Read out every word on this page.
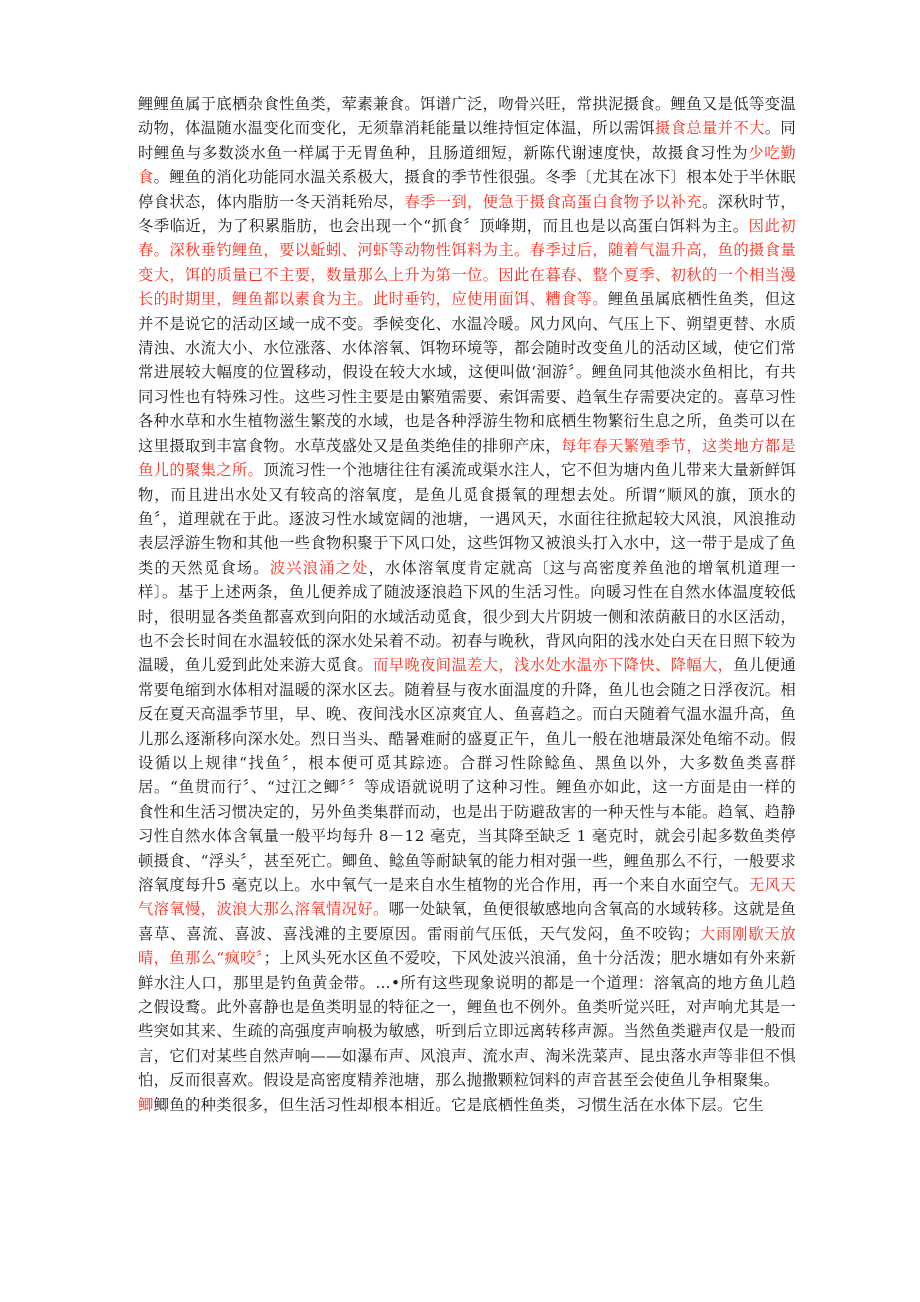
鲤鲤鱼属于底栖杂食性鱼类，荤素兼食。饵谱广泛，吻骨兴旺，常拱泥摄食。鲤鱼又是低等变温动物，体温随水温变化而变化，无须靠消耗能量以维持恒定体温，所以需饵摄食总量并不大。同时鲤鱼与多数淡水鱼一样属于无胃鱼种，且肠道细短，新陈代谢速度快，故摄食习性为少吃勤食。鲤鱼的消化功能同水温关系极大，摄食的季节性很强。冬季〔尤其在冰下〕根本处于半休眠停食状态，体内脂肪一冬天消耗殆尽，春季一到，便急于摄食高蛋白食物予以补充。深秋时节，冬季临近，为了积累脂肪，也会出现一个“抓食〞顶峰期，而且也是以高蛋白饵料为主。因此初春。深秋垂钓鲤鱼，要以蚯蚓、河虾等动物性饵料为主。春季过后，随着气温升高，鱼的摄食量变大，饵的质量已不主要，数量那么上升为第一位。因此在暮春、整个夏季、初秋的一个相当漫长的时期里，鲤鱼都以素食为主。此时垂钓，应使用面饵、糟食等。鲤鱼虽属底栖性鱼类，但这并不是说它的活动区域一成不变。季候变化、水温冷暖。风力风向、气压上下、朔望更替、水质清浊、水流大小、水位涨落、水体溶氧、饵物环境等，都会随时改变鱼儿的活动区域，使它们常常进展较大幅度的位置移动，假设在较大水域，这便叫做‘洄游〞。鲤鱼同其他淡水鱼相比，有共同习性也有特殊习性。这些习性主要是由繁殖需要、索饵需要、趋氧生存需要决定的。喜草习性各种水草和水生植物滋生繁茂的水域，也是各种浮游生物和底栖生物繁衍生息之所，鱼类可以在这里摄取到丰富食物。水草茂盛处又是鱼类绝佳的排卵产床，每年春天繁殖季节，这类地方都是鱼儿的聚集之所。顶流习性一个池塘往往有溪流或渠水注人，它不但为塘内鱼儿带来大量新鲜饵物，而且进出水处又有较高的溶氧度，是鱼儿觅食摄氧的理想去处。所谓“顺风的旗，顶水的鱼〞，道理就在于此。逐波习性水域宽阔的池塘，一遇风天，水面往往掀起较大风浪，风浪推动表层浮游生物和其他一些食物积聚于下风口处，这些饵物又被浪头打入水中，这一带于是成了鱼类的天然觅食场。波兴浪涌之处，水体溶氧度肯定就高〔这与高密度养鱼池的增氧机道理一样〕。基于上述两条，鱼儿便养成了随波逐浪趋下风的生活习性。向暖习性在自然水体温度较低时，很明显各类鱼都喜欢到向阳的水域活动觅食，很少到大片阴坡一侧和浓荫蔽日的水区活动，也不会长时间在水温较低的深水处呆着不动。初春与晚秋，背风向阳的浅水处白天在日照下较为温暖，鱼儿爱到此处来游大觅食。而早晚夜间温差大，浅水处水温亦下降快、降幅大，鱼儿便通常要龟缩到水体相对温暖的深水区去。随着昼与夜水面温度的升降，鱼儿也会随之日浮夜沉。相反在夏天高温季节里，早、晚、夜间浅水区凉爽宜人、鱼喜趋之。而白天随着气温水温升高，鱼儿那么逐渐移向深水处。烈日当头、酷暑难耐的盛夏正午，鱼儿一般在池塘最深处龟缩不动。假设循以上规律“找鱼〞，根本便可觅其踪迹。合群习性除鲶鱼、黑鱼以外，大多数鱼类喜群居。“鱼贯而行〞、“过江之鲫〞〞等成语就说明了这种习性。鲤鱼亦如此，这一方面是由一样的食性和生活习惯决定的，另外鱼类集群而动，也是出于防避敌害的一种天性与本能。趋氧、趋静习性自然水体含氧量一般平均每升 8－12 毫克，当其降至缺乏 1 毫克时，就会引起多数鱼类停顿摄食、“浮头〞，甚至死亡。鲫鱼、鲶鱼等耐缺氧的能力相对强一些，鲤鱼那么不行，一般要求溶氧度每升5 毫克以上。水中氧气一是来自水生植物的光合作用，再一个来自水面空气。无风天气溶氧慢，波浪大那么溶氧情况好。哪一处缺氧，鱼便很敏感地向含氧高的水域转移。这就是鱼喜草、喜流、喜波、喜浅滩的主要原因。雷雨前气压低，天气发闷，鱼不咬钩；大雨刚歇天放晴，鱼那么“疯咬〞；上风头死水区鱼不爱咬，下风处波兴浪涌，鱼十分活泼；肥水塘如有外来新鲜水注人口，那里是钓鱼黄金带。…•所有这些现象说明的都是一个道理：溶氧高的地方鱼儿趋之假设鹜。此外喜静也是鱼类明显的特征之一，鲤鱼也不例外。鱼类听觉兴旺，对声响尤其是一些突如其来、生疏的高强度声响极为敏感，听到后立即远离转移声源。当然鱼类避声仅是一般而言，它们对某些自然声响——如瀑布声、风浪声、流水声、淘米洗菜声、昆虫落水声等非但不惧怕，反而很喜欢。假设是高密度精养池塘，那么抛撒颗粒饲料的声音甚至会使鱼儿争相聚集。

鲫鲫鱼的种类很多，但生活习性却根本相近。它是底栖性鱼类，习惯生活在水体下层。它生
